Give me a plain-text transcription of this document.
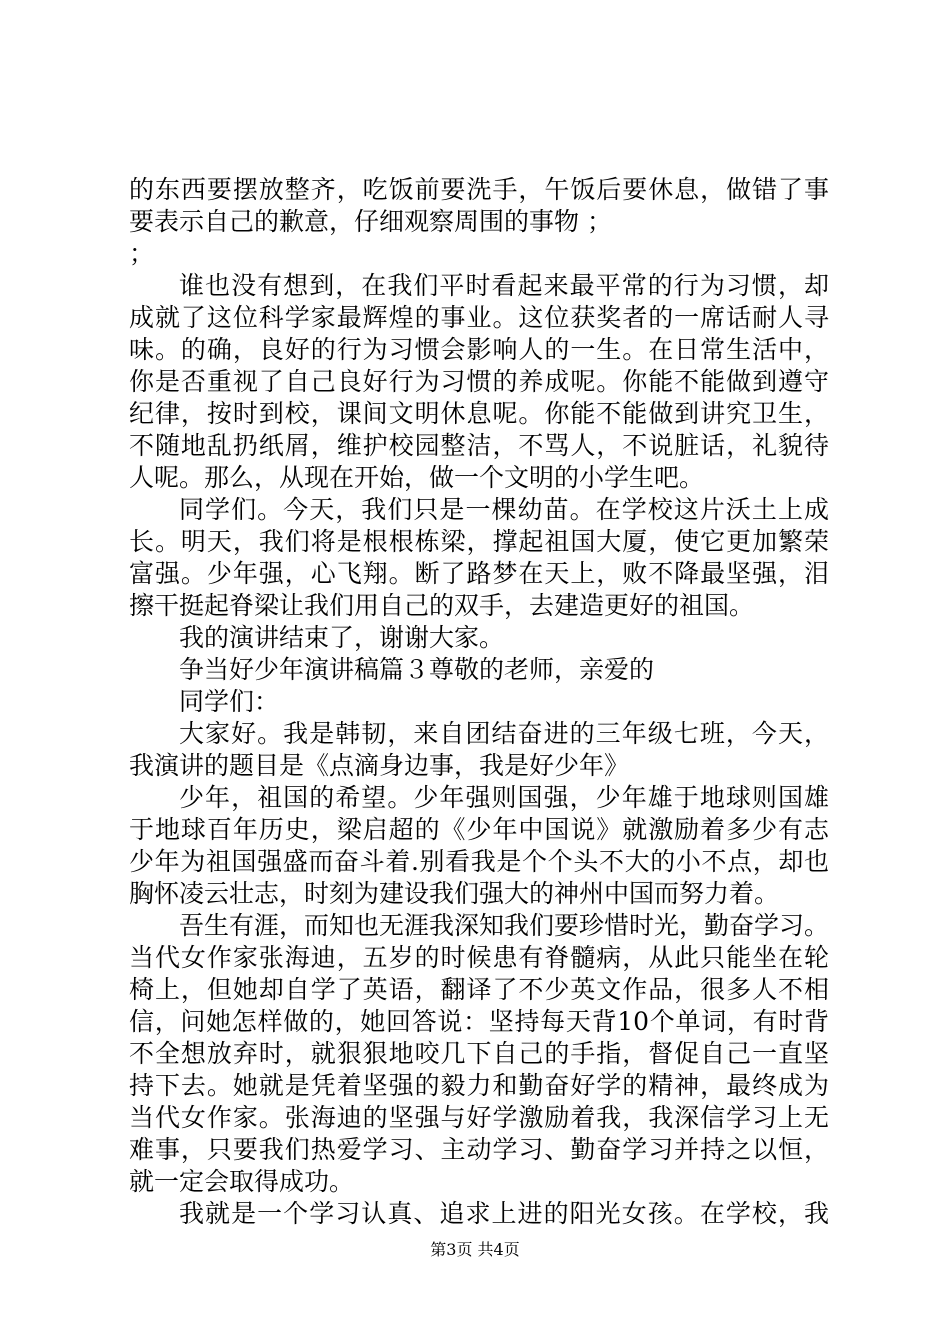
的东西要摆放整齐，吃饭前要洗手，午饭后要休息，做错了事
要表示自己的歉意，仔细观察周围的事物 ；
；
谁也没有想到，在我们平时看起来最平常的行为习惯，却
成就了这位科学家最辉煌的事业。这位获奖者的一席话耐人寻
味。的确，良好的行为习惯会影响人的一生。在日常生活中，
你是否重视了自己良好行为习惯的养成呢。你能不能做到遵守
纪律，按时到校，课间文明休息呢。你能不能做到讲究卫生，
不随地乱扔纸屑，维护校园整洁，不骂人，不说脏话，礼貌待
人呢。那么，从现在开始，做一个文明的小学生吧。
同学们。今天，我们只是一棵幼苗。在学校这片沃土上成
长。明天，我们将是根根栋梁，撑起祖国大厦，使它更加繁荣
富强。少年强，心飞翔。断了路梦在天上，败不降最坚强，泪
擦干挺起脊梁让我们用自己的双手，去建造更好的祖国。
我的演讲结束了，谢谢大家。
争当好少年演讲稿篇３尊敬的老师，亲爱的
同学们：
大家好。我是韩韧，来自团结奋进的三年级七班，今天，
我演讲的题目是《点滴身边事，我是好少年》
少年，祖国的希望。少年强则国强，少年雄于地球则国雄
于地球百年历史，梁启超的《少年中国说》就激励着多少有志
少年为祖国强盛而奋斗着.别看我是个个头不大的小不点，却也
胸怀凌云壮志，时刻为建设我们强大的神州中国而努力着。
吾生有涯，而知也无涯我深知我们要珍惜时光，勤奋学习。
当代女作家张海迪，五岁的时候患有脊髓病，从此只能坐在轮
椅上，但她却自学了英语，翻译了不少英文作品，很多人不相
信，问她怎样做的，她回答说：坚持每天背10个单词，有时背
不全想放弃时，就狠狠地咬几下自己的手指，督促自己一直坚
持下去。她就是凭着坚强的毅力和勤奋好学的精神，最终成为
当代女作家。张海迪的坚强与好学激励着我，我深信学习上无
难事，只要我们热爱学习、主动学习、勤奋学习并持之以恒，
就一定会取得成功。
我就是一个学习认真、追求上进的阳光女孩。在学校，我
第3页 共4页
